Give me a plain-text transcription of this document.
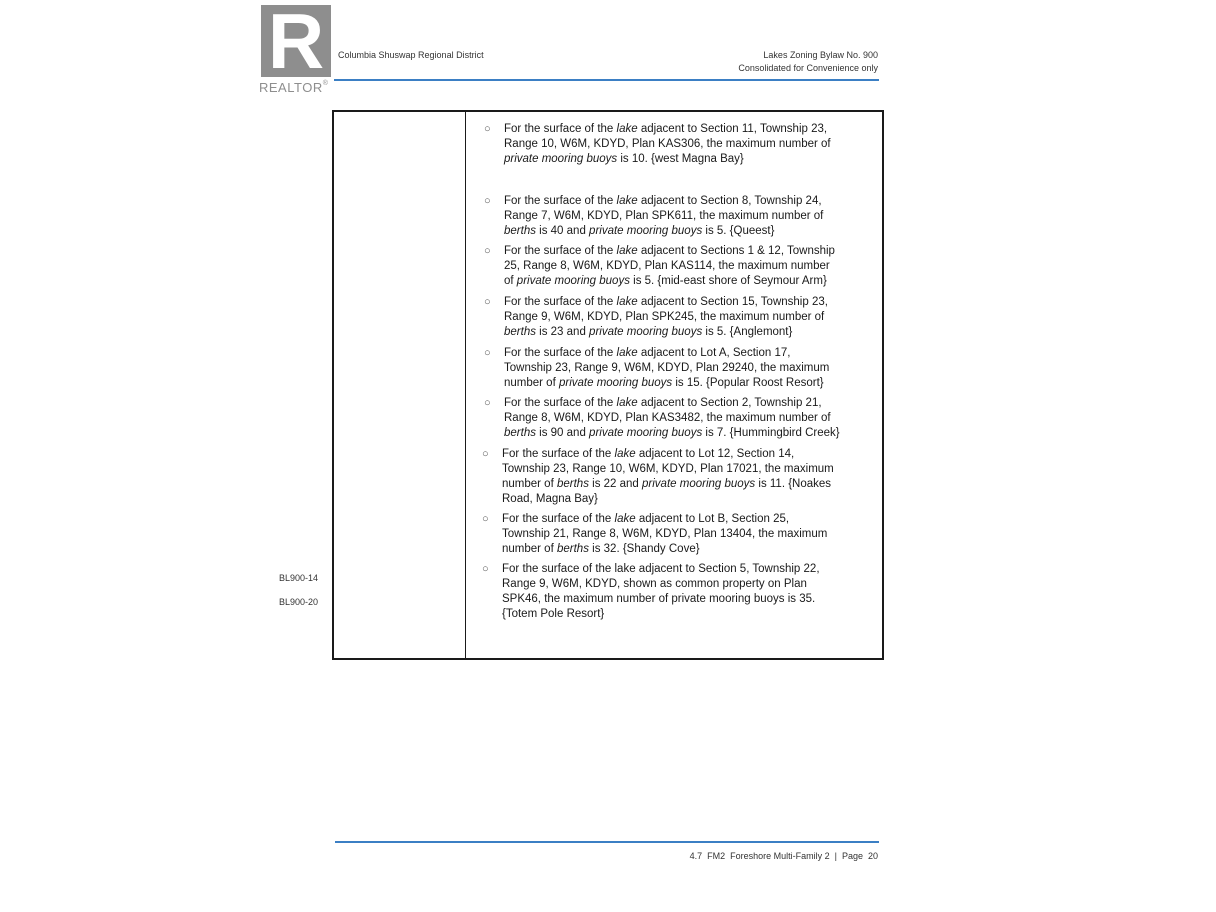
R
REALTOR®
Columbia Shuswap Regional District	Lakes Zoning Bylaw No. 900
Consolidated for Convenience only
○ For the surface of the lake adjacent to Section 11, Township 23,
Range 10, W6M, KDYD, Plan KAS306, the maximum number of
private mooring buoys is 10. {west Magna Bay}
○ For the surface of the lake adjacent to Section 8, Township 24,
Range 7, W6M, KDYD, Plan SPK611, the maximum number of
berths is 40 and private mooring buoys is 5. {Queest}
○ For the surface of the lake adjacent to Sections 1 & 12, Township
25, Range 8, W6M, KDYD, Plan KAS114, the maximum number
of private mooring buoys is 5. {mid-east shore of Seymour Arm}
○ For the surface of the lake adjacent to Section 15, Township 23,
Range 9, W6M, KDYD, Plan SPK245, the maximum number of
berths is 23 and private mooring buoys is 5. {Anglemont}
○ For the surface of the lake adjacent to Lot A, Section 17,
Township 23, Range 9, W6M, KDYD, Plan 29240, the maximum
number of private mooring buoys is 15. {Popular Roost Resort}
○ For the surface of the lake adjacent to Section 2, Township 21,
Range 8, W6M, KDYD, Plan KAS3482, the maximum number of
berths is 90 and private mooring buoys is 7. {Hummingbird Creek}
○ For the surface of the lake adjacent to Lot 12, Section 14,
Township 23, Range 10, W6M, KDYD, Plan 17021, the maximum
number of berths is 22 and private mooring buoys is 11. {Noakes
Road, Magna Bay}
○ For the surface of the lake adjacent to Lot B, Section 25,
Township 21, Range 8, W6M, KDYD, Plan 13404, the maximum
number of berths is 32. {Shandy Cove}
○ For the surface of the lake adjacent to Section 5, Township 22,
Range 9, W6M, KDYD, shown as common property on Plan
SPK46, the maximum number of private mooring buoys is 35.
{Totem Pole Resort}
BL900-14
BL900-20
4.7  FM2  Foreshore Multi-Family 2  |  Page  20
